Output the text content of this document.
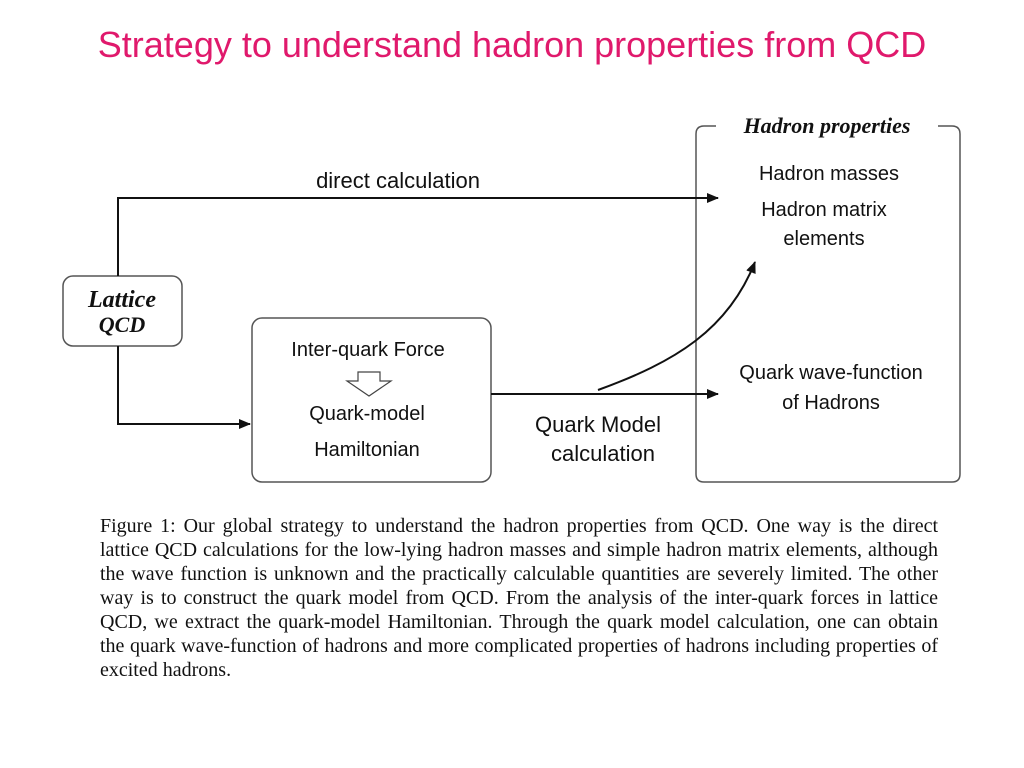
Strategy to understand hadron properties from QCD
Hadron properties
Hadron masses
Hadron matrix
elements
Quark wave-function
of Hadrons
Lattice
QCD
direct calculation
Inter-quark Force
Quark-model
Hamiltonian
Quark Model
calculation
Figure 1: Our global strategy to understand the hadron properties from QCD. One way is the direct lattice QCD calculations for the low-lying hadron masses and simple hadron matrix elements, although the wave function is unknown and the practically calculable quantities are severely limited. The other way is to construct the quark model from QCD. From the analysis of the inter-quark forces in lattice QCD, we extract the quark-model Hamiltonian. Through the quark model calculation, one can obtain the quark wave-function of hadrons and more complicated properties of hadrons including properties of excited hadrons.
